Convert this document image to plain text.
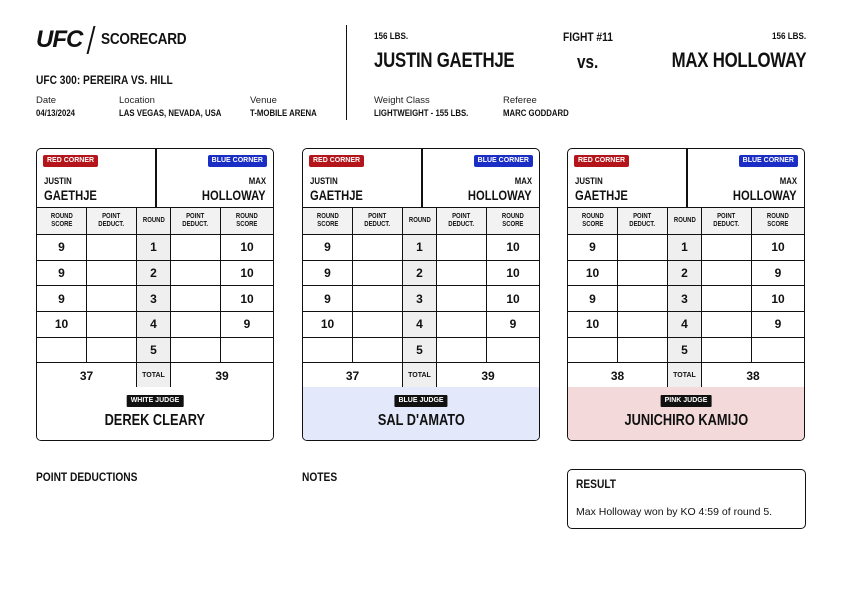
UFC SCORECARD
UFC 300: PEREIRA VS. HILL
Date
04/13/2024
Location
LAS VEGAS, NEVADA, USA
Venue
T-MOBILE ARENA
156 LBS.	156 LBS.
JUSTIN GAETHJE	MAX HOLLOWAY
FIGHT #11
vs.
Weight Class
LIGHTWEIGHT - 155 LBS.
Referee
MARC GODDARD
RED CORNER	BLUE CORNER
JUSTIN
GAETHJE
MAX
HOLLOWAY
ROUND
SCORE
POINT
DEDUCT.
ROUND
POINT
DEDUCT.
ROUND
SCORE
9	1	10
9	2	10
9	3	10
10	4	9
5
37	TOTAL	39
WHITE JUDGE
DEREK CLEARY
RED CORNER	BLUE CORNER
JUSTIN
GAETHJE
MAX
HOLLOWAY
ROUND
SCORE
POINT
DEDUCT.
ROUND
POINT
DEDUCT.
ROUND
SCORE
9	1	10
9	2	10
9	3	10
10	4	9
5
37	TOTAL	39
BLUE JUDGE
SAL D'AMATO
RED CORNER	BLUE CORNER
JUSTIN
GAETHJE
MAX
HOLLOWAY
ROUND
SCORE
POINT
DEDUCT.
ROUND
POINT
DEDUCT.
ROUND
SCORE
9	1	10
10	2	9
9	3	10
10	4	9
5
38	TOTAL	38
PINK JUDGE
JUNICHIRO KAMIJO
POINT DEDUCTIONS	NOTES	RESULT
Max Holloway won by KO 4:59 of round 5.
